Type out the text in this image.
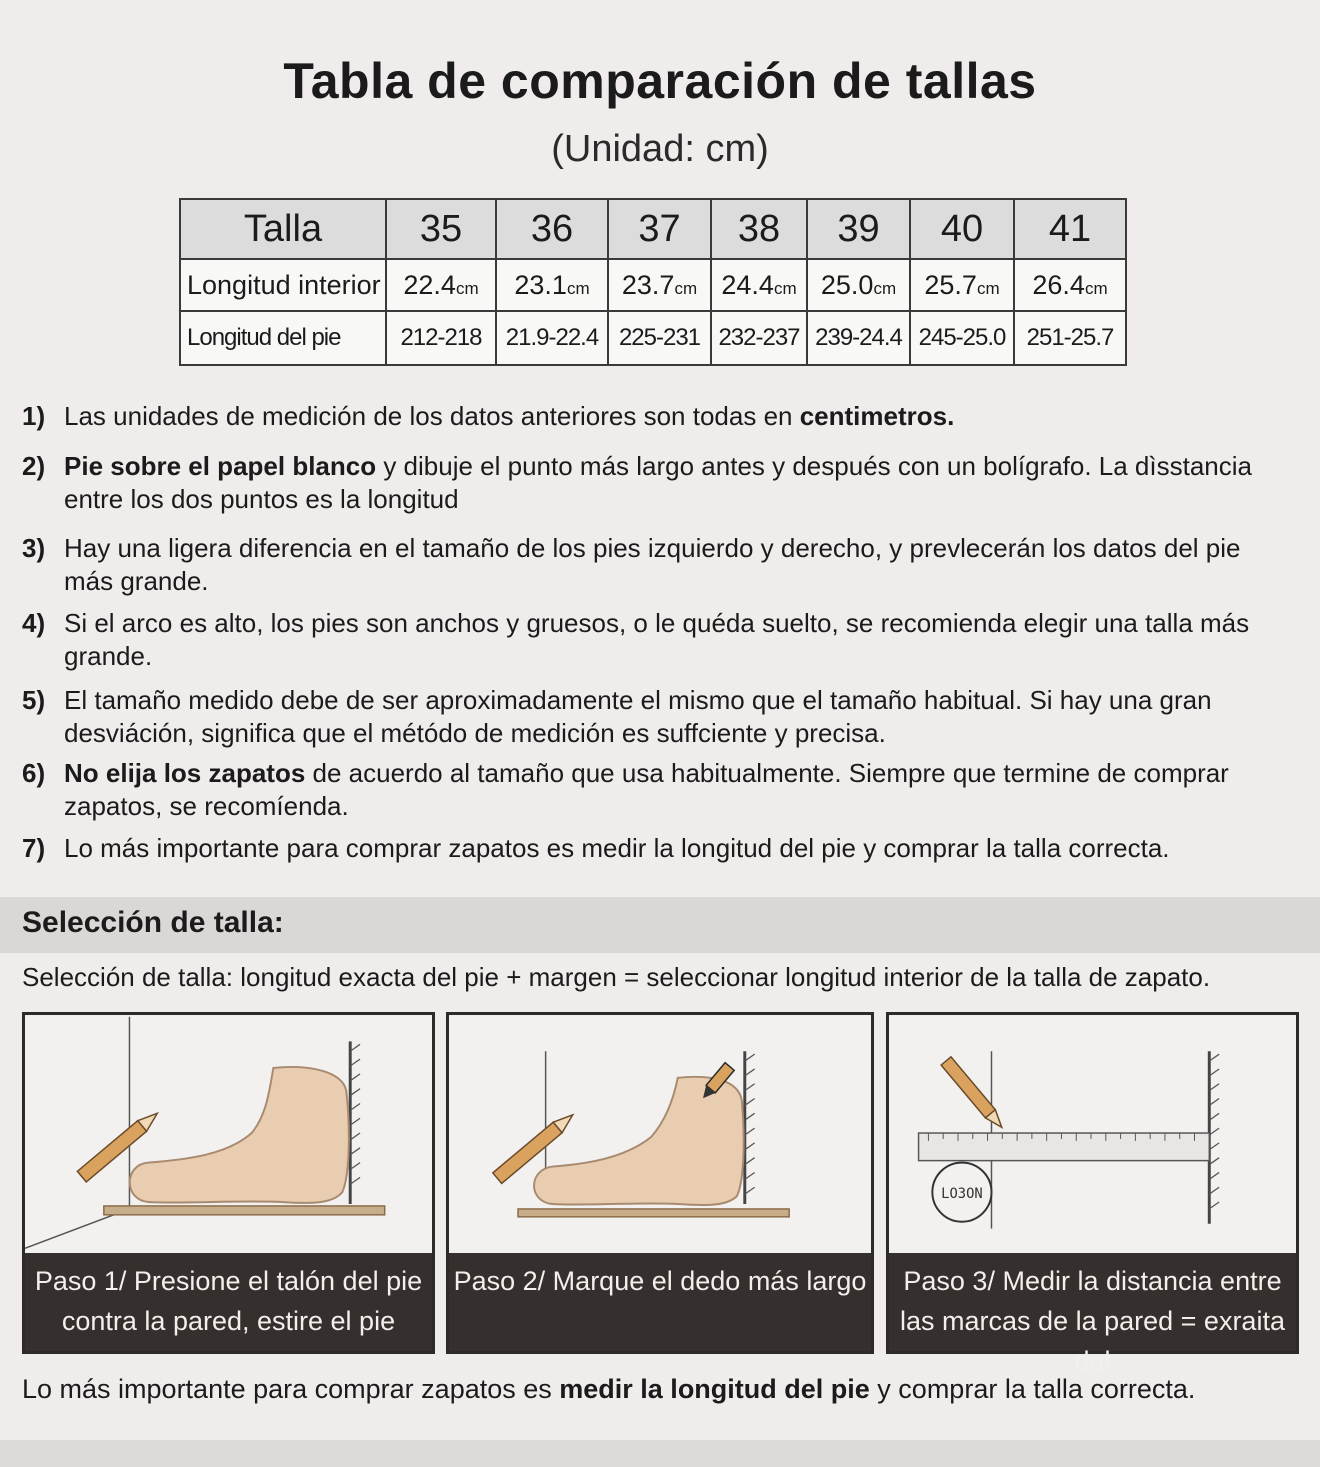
Tabla de comparación de tallas
(Unidad: cm)
Talla	35	36	37	38	39	40	41
Longitud interior	22.4cm	23.1cm	23.7cm	24.4cm	25.0cm	25.7cm	26.4cm
Longitud del pie	212-218	21.9-22.4	225-231	232-237	239-24.4	245-25.0	251-25.7
1) Las unidades de medición de los datos anteriores son todas en centimetros.
2) Pie sobre el papel blanco y dibuje el punto más largo antes y después con un bolígrafo. La dìsstancia entre los dos puntos es la longitud
3) Hay una ligera diferencia en el tamaño de los pies izquierdo y derecho, y prevlecerán los datos del pie más grande.
4) Si el arco es alto, los pies son anchos y gruesos, o le quéda suelto, se recomienda elegir una talla más grande.
5) El tamaño medido debe de ser aproximadamente el mismo que el tamaño habitual. Si hay una gran desviáción, significa que el métódo de medición es suffciente y precisa.
6) No elija los zapatos de acuerdo al tamaño que usa habitualmente. Siempre que termine de comprar zapatos, se recomíenda.
7) Lo más importante para comprar zapatos es medir la longitud del pie y comprar la talla correcta.
Selección de talla:
Selección de talla: longitud exacta del pie + margen = seleccionar longitud interior de la talla de zapato.
Paso 1/ Presione el talón del pie
contra la pared, estire el pie
Paso 2/ Marque el dedo más largo
LO3ON
Paso 3/ Medir la distancia entre
las marcas de la pared = exraita dal
Lo más importante para comprar zapatos es medir la longitud del pie y comprar la talla correcta.
